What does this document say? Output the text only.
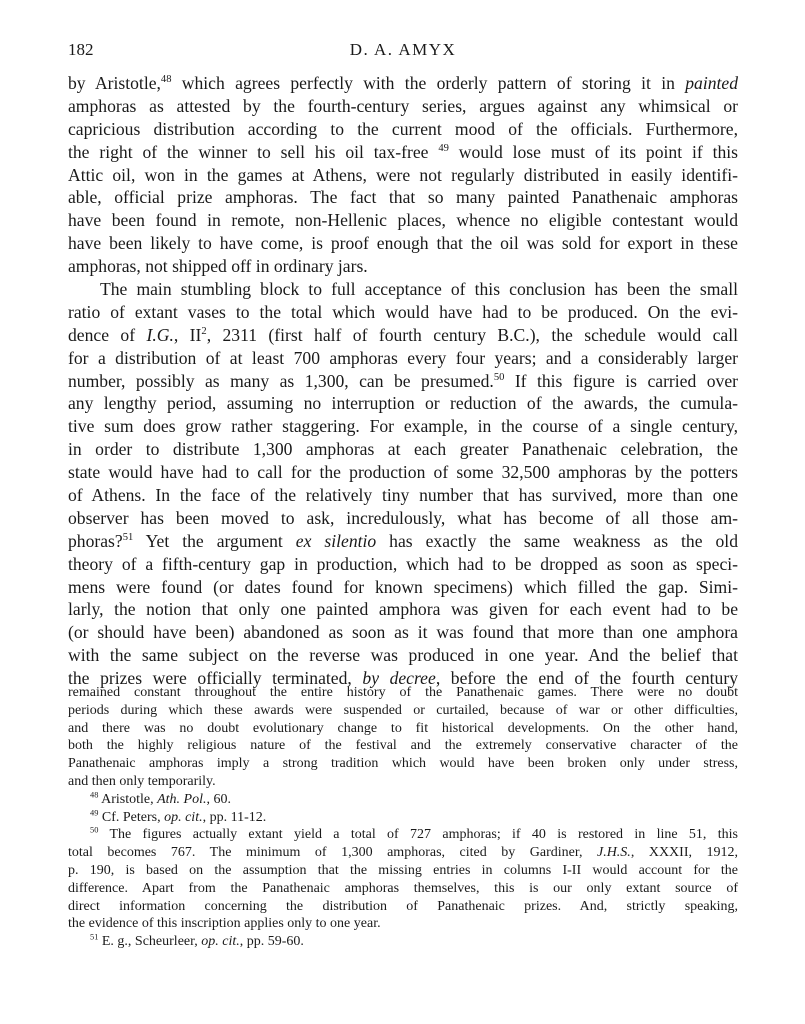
182	D. A. AMYX
by Aristotle,$^{48}$ which agrees perfectly with the orderly pattern of storing it in painted
amphoras as attested by the fourth-century series, argues against any whimsical or
capricious distribution according to the current mood of the officials. Furthermore,
the right of the winner to sell his oil tax-free $^{49}$ would lose must of its point if this
Attic oil, won in the games at Athens, were not regularly distributed in easily identifi-
able, official prize amphoras. The fact that so many painted Panathenaic amphoras
have been found in remote, non-Hellenic places, whence no eligible contestant would
have been likely to have come, is proof enough that the oil was sold for export in these
amphoras, not shipped off in ordinary jars.
The main stumbling block to full acceptance of this conclusion has been the small
ratio of extant vases to the total which would have had to be produced. On the evi-
dence of I.G., $II^2$, 2311 (first half of fourth century B.C.), the schedule would call
for a distribution of at least 700 amphoras every four years; and a considerably larger
number, possibly as many as 1,300, can be presumed.$^{50}$ If this figure is carried over
any lengthy period, assuming no interruption or reduction of the awards, the cumula-
tive sum does grow rather staggering. For example, in the course of a single century,
in order to distribute 1,300 amphoras at each greater Panathenaic celebration, the
state would have had to call for the production of some 32,500 amphoras by the potters
of Athens. In the face of the relatively tiny number that has survived, more than one
observer has been moved to ask, incredulously, what has become of all those am-
phoras?$^{51}$ Yet the argument ex silentio has exactly the same weakness as the old
theory of a fifth-century gap in production, which had to be dropped as soon as speci-
mens were found (or dates found for known specimens) which filled the gap. Simi-
larly, the notion that only one painted amphora was given for each event had to be
(or should have been) abandoned as soon as it was found that more than one amphora
with the same subject on the reverse was produced in one year. And the belief that
the prizes were officially terminated, by decree, before the end of the fourth century
remained constant throughout the entire history of the Panathenaic games. There were no doubt
periods during which these awards were suspended or curtailed, because of war or other difficulties,
and there was no doubt evolutionary change to fit historical developments. On the other hand,
both the highly religious nature of the festival and the extremely conservative character of the
Panathenaic amphoras imply a strong tradition which would have been broken only under stress,
and then only temporarily.
$^{48}$ Aristotle, Ath. Pol., 60.
$^{49}$ Cf. Peters, op. cit., pp. 11-12.
$^{50}$ The figures actually extant yield a total of 727 amphoras; if 40 is restored in line 51, this
total becomes 767. The minimum of 1,300 amphoras, cited by Gardiner, J.H.S., XXXII, 1912,
p. 190, is based on the assumption that the missing entries in columns I-II would account for the
difference. Apart from the Panathenaic amphoras themselves, this is our only extant source of
direct information concerning the distribution of Panathenaic prizes. And, strictly speaking,
the evidence of this inscription applies only to one year.
$^{51}$ E. g., Scheurleer, op. cit., pp. 59-60.
